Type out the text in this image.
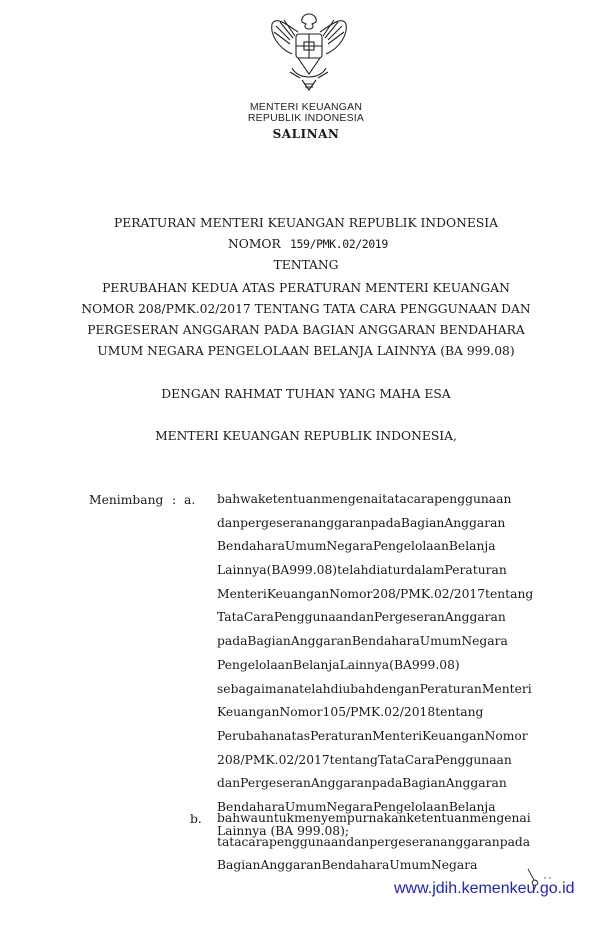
MENTERI KEUANGAN
REPUBLIK INDONESIA
SALINAN
PERATURAN MENTERI KEUANGAN REPUBLIK INDONESIA
NOMOR 159/PMK.02/2019
TENTANG
PERUBAHAN KEDUA ATAS PERATURAN MENTERI KEUANGAN
NOMOR 208/PMK.02/2017 TENTANG TATA CARA PENGGUNAAN DAN
PERGESERAN ANGGARAN PADA BAGIAN ANGGARAN BENDAHARA
UMUM NEGARA PENGELOLAAN BELANJA LAINNYA (BA 999.08)
DENGAN RAHMAT TUHAN YANG MAHA ESA
MENTERI KEUANGAN REPUBLIK INDONESIA,
Menimbang : a. bahwaketentuanmengenaitatacarapenggunaan
danpergeserananggaranpadaBagianAnggaran
BendaharaUmumNegaraPengelolaanBelanja
Lainnya(BA999.08)telahdiaturdalamPeraturan
MenteriKeuanganNomor208/PMK.02/2017tentang
TataCaraPenggunaandanPergeseranAnggaran
padaBagianAnggaranBendaharaUmumNegara
PengelolaanBelanjaLainnya(BA999.08)
sebagaimanatelahdiubahdenganPeraturanMenteri
KeuanganNomor105/PMK.02/2018tentang
PerubahanatasPeraturanMenteriKeuanganNomor
208/PMK.02/2017tentangTataCaraPenggunaan
danPergeseranAnggaranpadaBagianAnggaran
BendaharaUmumNegaraPengelolaanBelanja
Lainnya (BA 999.08);
b. bahwauntukmenyempurnakanketentuanmengenai
tatacarapenggunaandanpergeserananggaranpada
BagianAnggaranBendaharaUmumNegara
www.jdih.kemenkeu.go.id
